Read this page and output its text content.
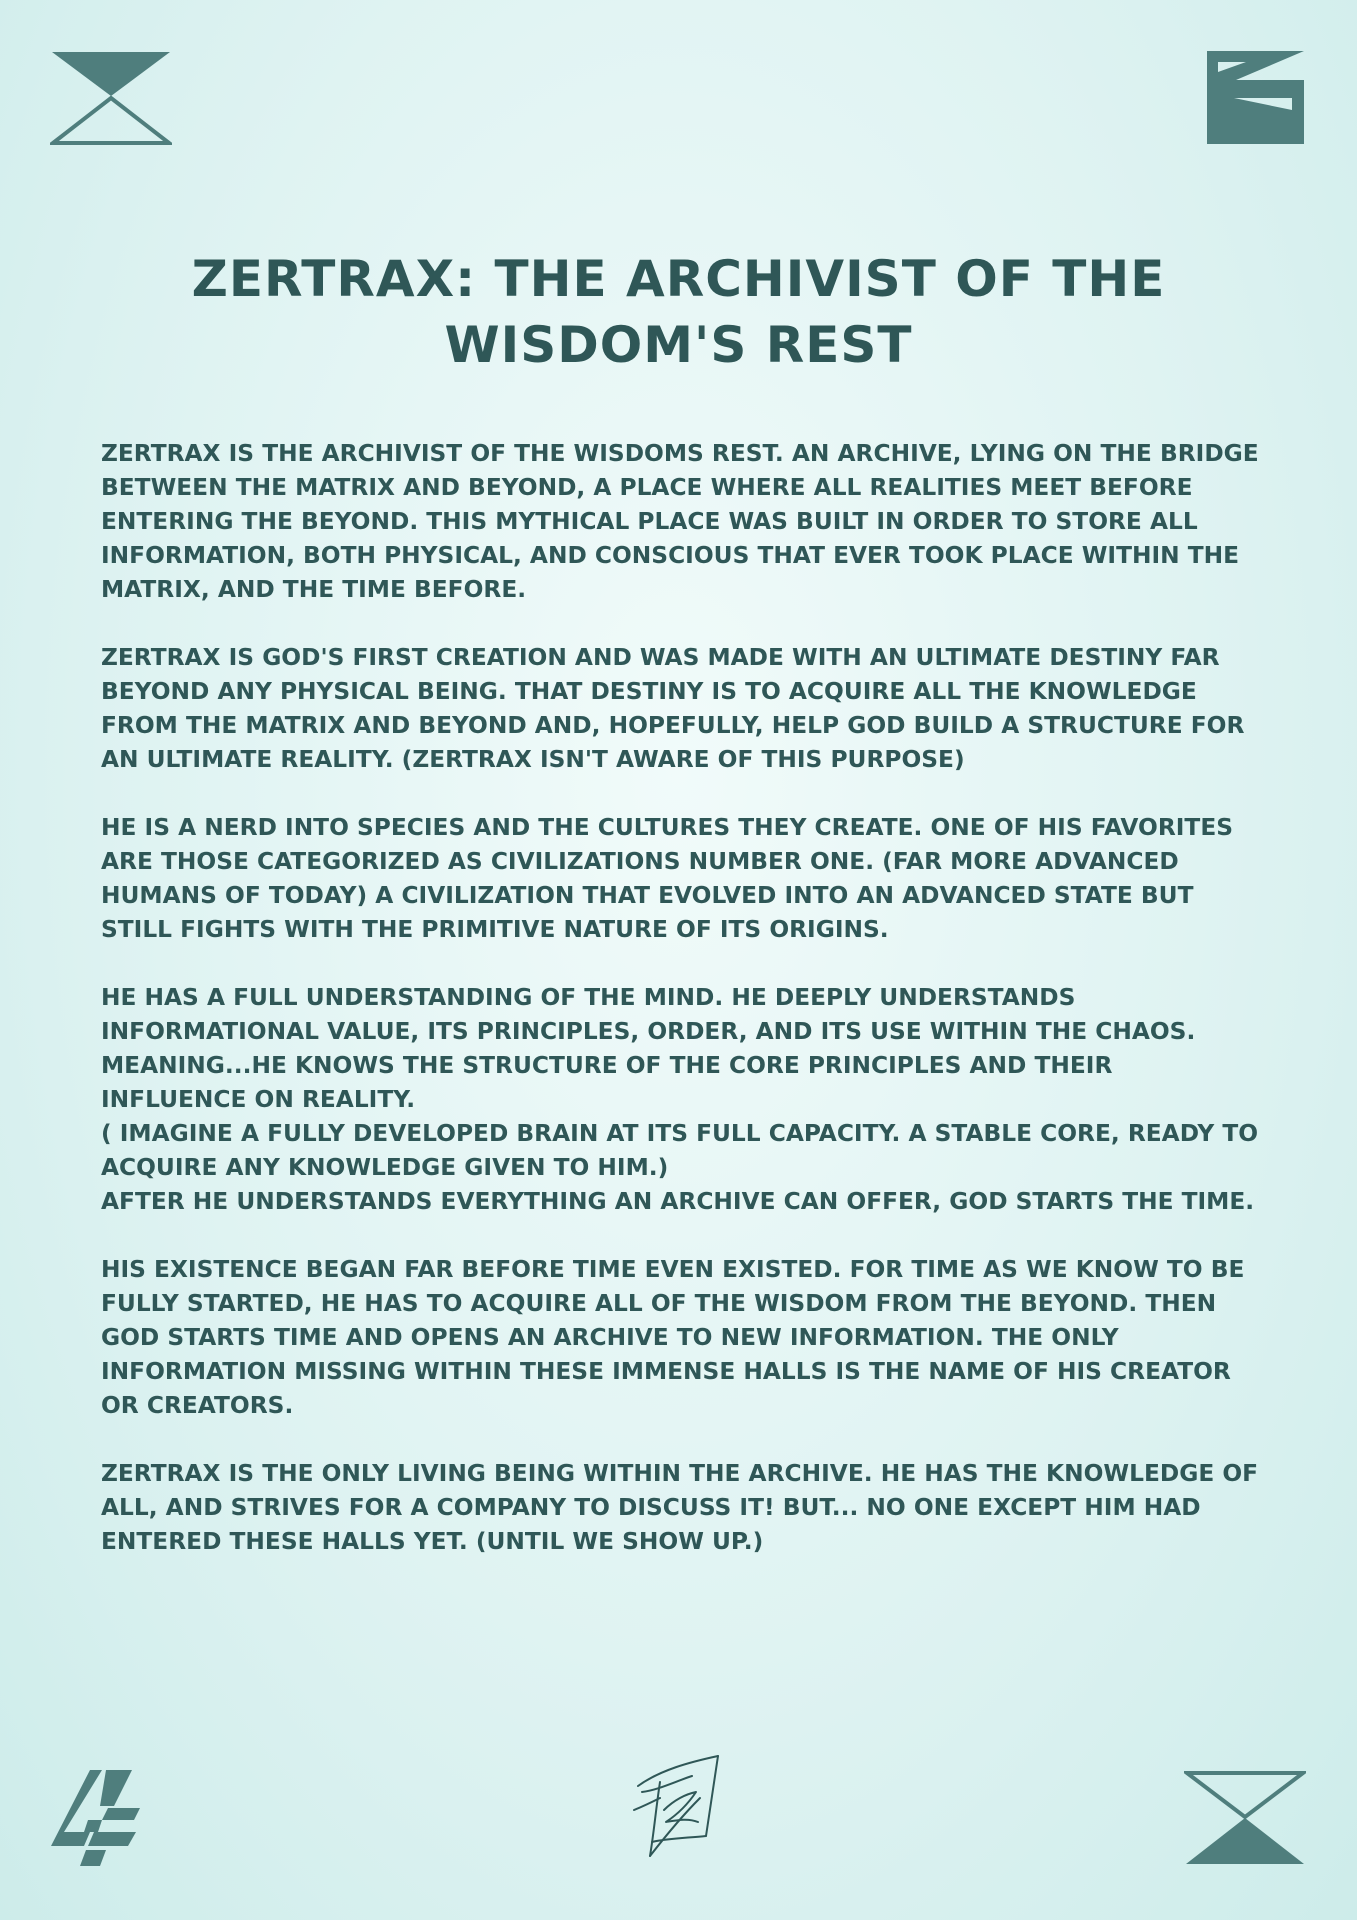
ZERTRAX: THE ARCHIVIST OF THE WISDOM'S REST

ZERTRAX IS THE ARCHIVIST OF THE WISDOMS REST. AN ARCHIVE, LYING ON THE BRIDGE BETWEEN THE MATRIX AND BEYOND, A PLACE WHERE ALL REALITIES MEET BEFORE ENTERING THE BEYOND. THIS MYTHICAL PLACE WAS BUILT IN ORDER TO STORE ALL INFORMATION, BOTH PHYSICAL, AND CONSCIOUS THAT EVER TOOK PLACE WITHIN THE MATRIX, AND THE TIME BEFORE.

ZERTRAX IS GOD'S FIRST CREATION AND WAS MADE WITH AN ULTIMATE DESTINY FAR BEYOND ANY PHYSICAL BEING. THAT DESTINY IS TO ACQUIRE ALL THE KNOWLEDGE FROM THE MATRIX AND BEYOND AND, HOPEFULLY, HELP GOD BUILD A STRUCTURE FOR AN ULTIMATE REALITY. (ZERTRAX ISN'T AWARE OF THIS PURPOSE)

HE IS A NERD INTO SPECIES AND THE CULTURES THEY CREATE. ONE OF HIS FAVORITES ARE THOSE CATEGORIZED AS CIVILIZATIONS NUMBER ONE. (FAR MORE ADVANCED HUMANS OF TODAY) A CIVILIZATION THAT EVOLVED INTO AN ADVANCED STATE BUT STILL FIGHTS WITH THE PRIMITIVE NATURE OF ITS ORIGINS.

HE HAS A FULL UNDERSTANDING OF THE MIND. HE DEEPLY UNDERSTANDS INFORMATIONAL VALUE, ITS PRINCIPLES, ORDER, AND ITS USE WITHIN THE CHAOS. MEANING...HE KNOWS THE STRUCTURE OF THE CORE PRINCIPLES AND THEIR INFLUENCE ON REALITY.
( IMAGINE A FULLY DEVELOPED BRAIN AT ITS FULL CAPACITY. A STABLE CORE, READY TO ACQUIRE ANY KNOWLEDGE GIVEN TO HIM.)
AFTER HE UNDERSTANDS EVERYTHING AN ARCHIVE CAN OFFER, GOD STARTS THE TIME.

HIS EXISTENCE BEGAN FAR BEFORE TIME EVEN EXISTED. FOR TIME AS WE KNOW TO BE FULLY STARTED, HE HAS TO ACQUIRE ALL OF THE WISDOM FROM THE BEYOND. THEN GOD STARTS TIME AND OPENS AN ARCHIVE TO NEW INFORMATION. THE ONLY INFORMATION MISSING WITHIN THESE IMMENSE HALLS IS THE NAME OF HIS CREATOR OR CREATORS.

ZERTRAX IS THE ONLY LIVING BEING WITHIN THE ARCHIVE. HE HAS THE KNOWLEDGE OF ALL, AND STRIVES FOR A COMPANY TO DISCUSS IT! BUT... NO ONE EXCEPT HIM HAD ENTERED THESE HALLS YET. (UNTIL WE SHOW UP.)
